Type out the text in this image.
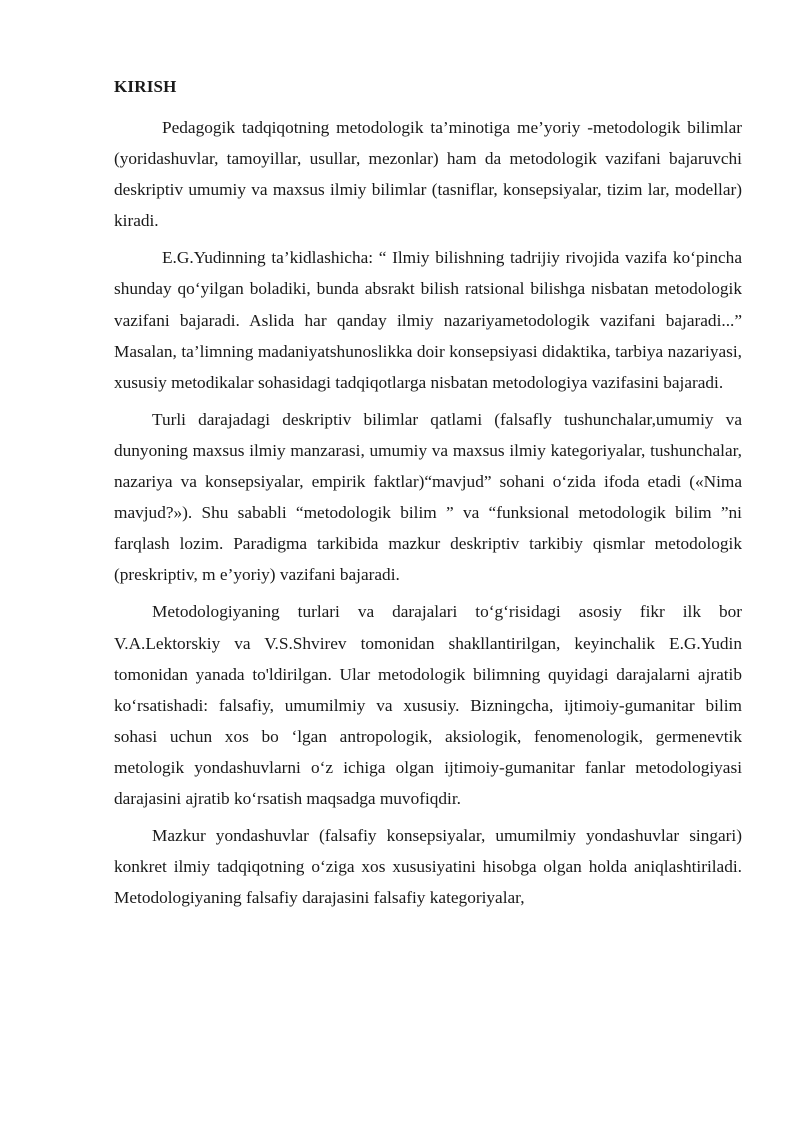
KIRISH

Pedagogik tadqiqotning metodologik ta’minotiga me’yoriy -metodologik bilimlar (yoridashuvlar, tamoyillar, usullar, mezonlar) ham da metodologik vazifani bajaruvchi deskriptiv umumiy va maxsus ilmiy bilimlar (tasniflar, konsepsiyalar, tizim lar, modellar) kiradi.

E.G.Yudinning ta’kidlashicha: “ Ilmiy bilishning tadrijiy rivojida vazifa ko‘pincha shunday qo‘yilgan boladiki, bunda absrakt bilish ratsional bilishga nisbatan metodologik vazifani bajaradi. Aslida har qanday ilmiy nazariyametodologik vazifani bajaradi...” Masalan, ta’limning madaniyatshunoslikka doir konsepsiyasi didaktika, tarbiya nazariyasi, xususiy metodikalar sohasidagi tadqiqotlarga nisbatan metodologiya vazifasini bajaradi.

Turli darajadagi deskriptiv bilimlar qatlami (falsafly tushunchalar,umumiy va dunyoning maxsus ilmiy manzarasi, umumiy va maxsus ilmiy kategoriyalar, tushunchalar, nazariya va konsepsiyalar, empirik faktlar)“mavjud” sohani o‘zida ifoda etadi («Nima mavjud?»). Shu sababli “metodologik bilim ” va “funksional metodologik bilim ”ni farqlash lozim. Paradigma tarkibida mazkur deskriptiv tarkibiy qismlar metodologik (preskriptiv, m e’yoriy) vazifani bajaradi.

Metodologiyaning turlari va darajalari to‘g‘risidagi asosiy fikr ilk bor V.A.Lektorskiy va V.S.Shvirev tomonidan shakllantirilgan, keyinchalik E.G.Yudin tomonidan yanada to'ldirilgan. Ular metodologik bilimning quyidagi darajalarni ajratib ko‘rsatishadi: falsafiy, umumilmiy va xususiy. Bizningcha, ijtimoiy-gumanitar bilim sohasi uchun xos bo ‘lgan antropologik, aksiologik, fenomenologik, germenevtik metologik yondashuvlarni o‘z ichiga olgan ijtimoiy-gumanitar fanlar metodologiyasi darajasini ajratib ko‘rsatish maqsadga muvofiqdir.

Mazkur yondashuvlar (falsafiy konsepsiyalar, umumilmiy yondashuvlar singari) konkret ilmiy tadqiqotning o‘ziga xos xususiyatini hisobga olgan holda aniqlashtiriladi. Metodologiyaning falsafiy darajasini falsafiy kategoriyalar,
